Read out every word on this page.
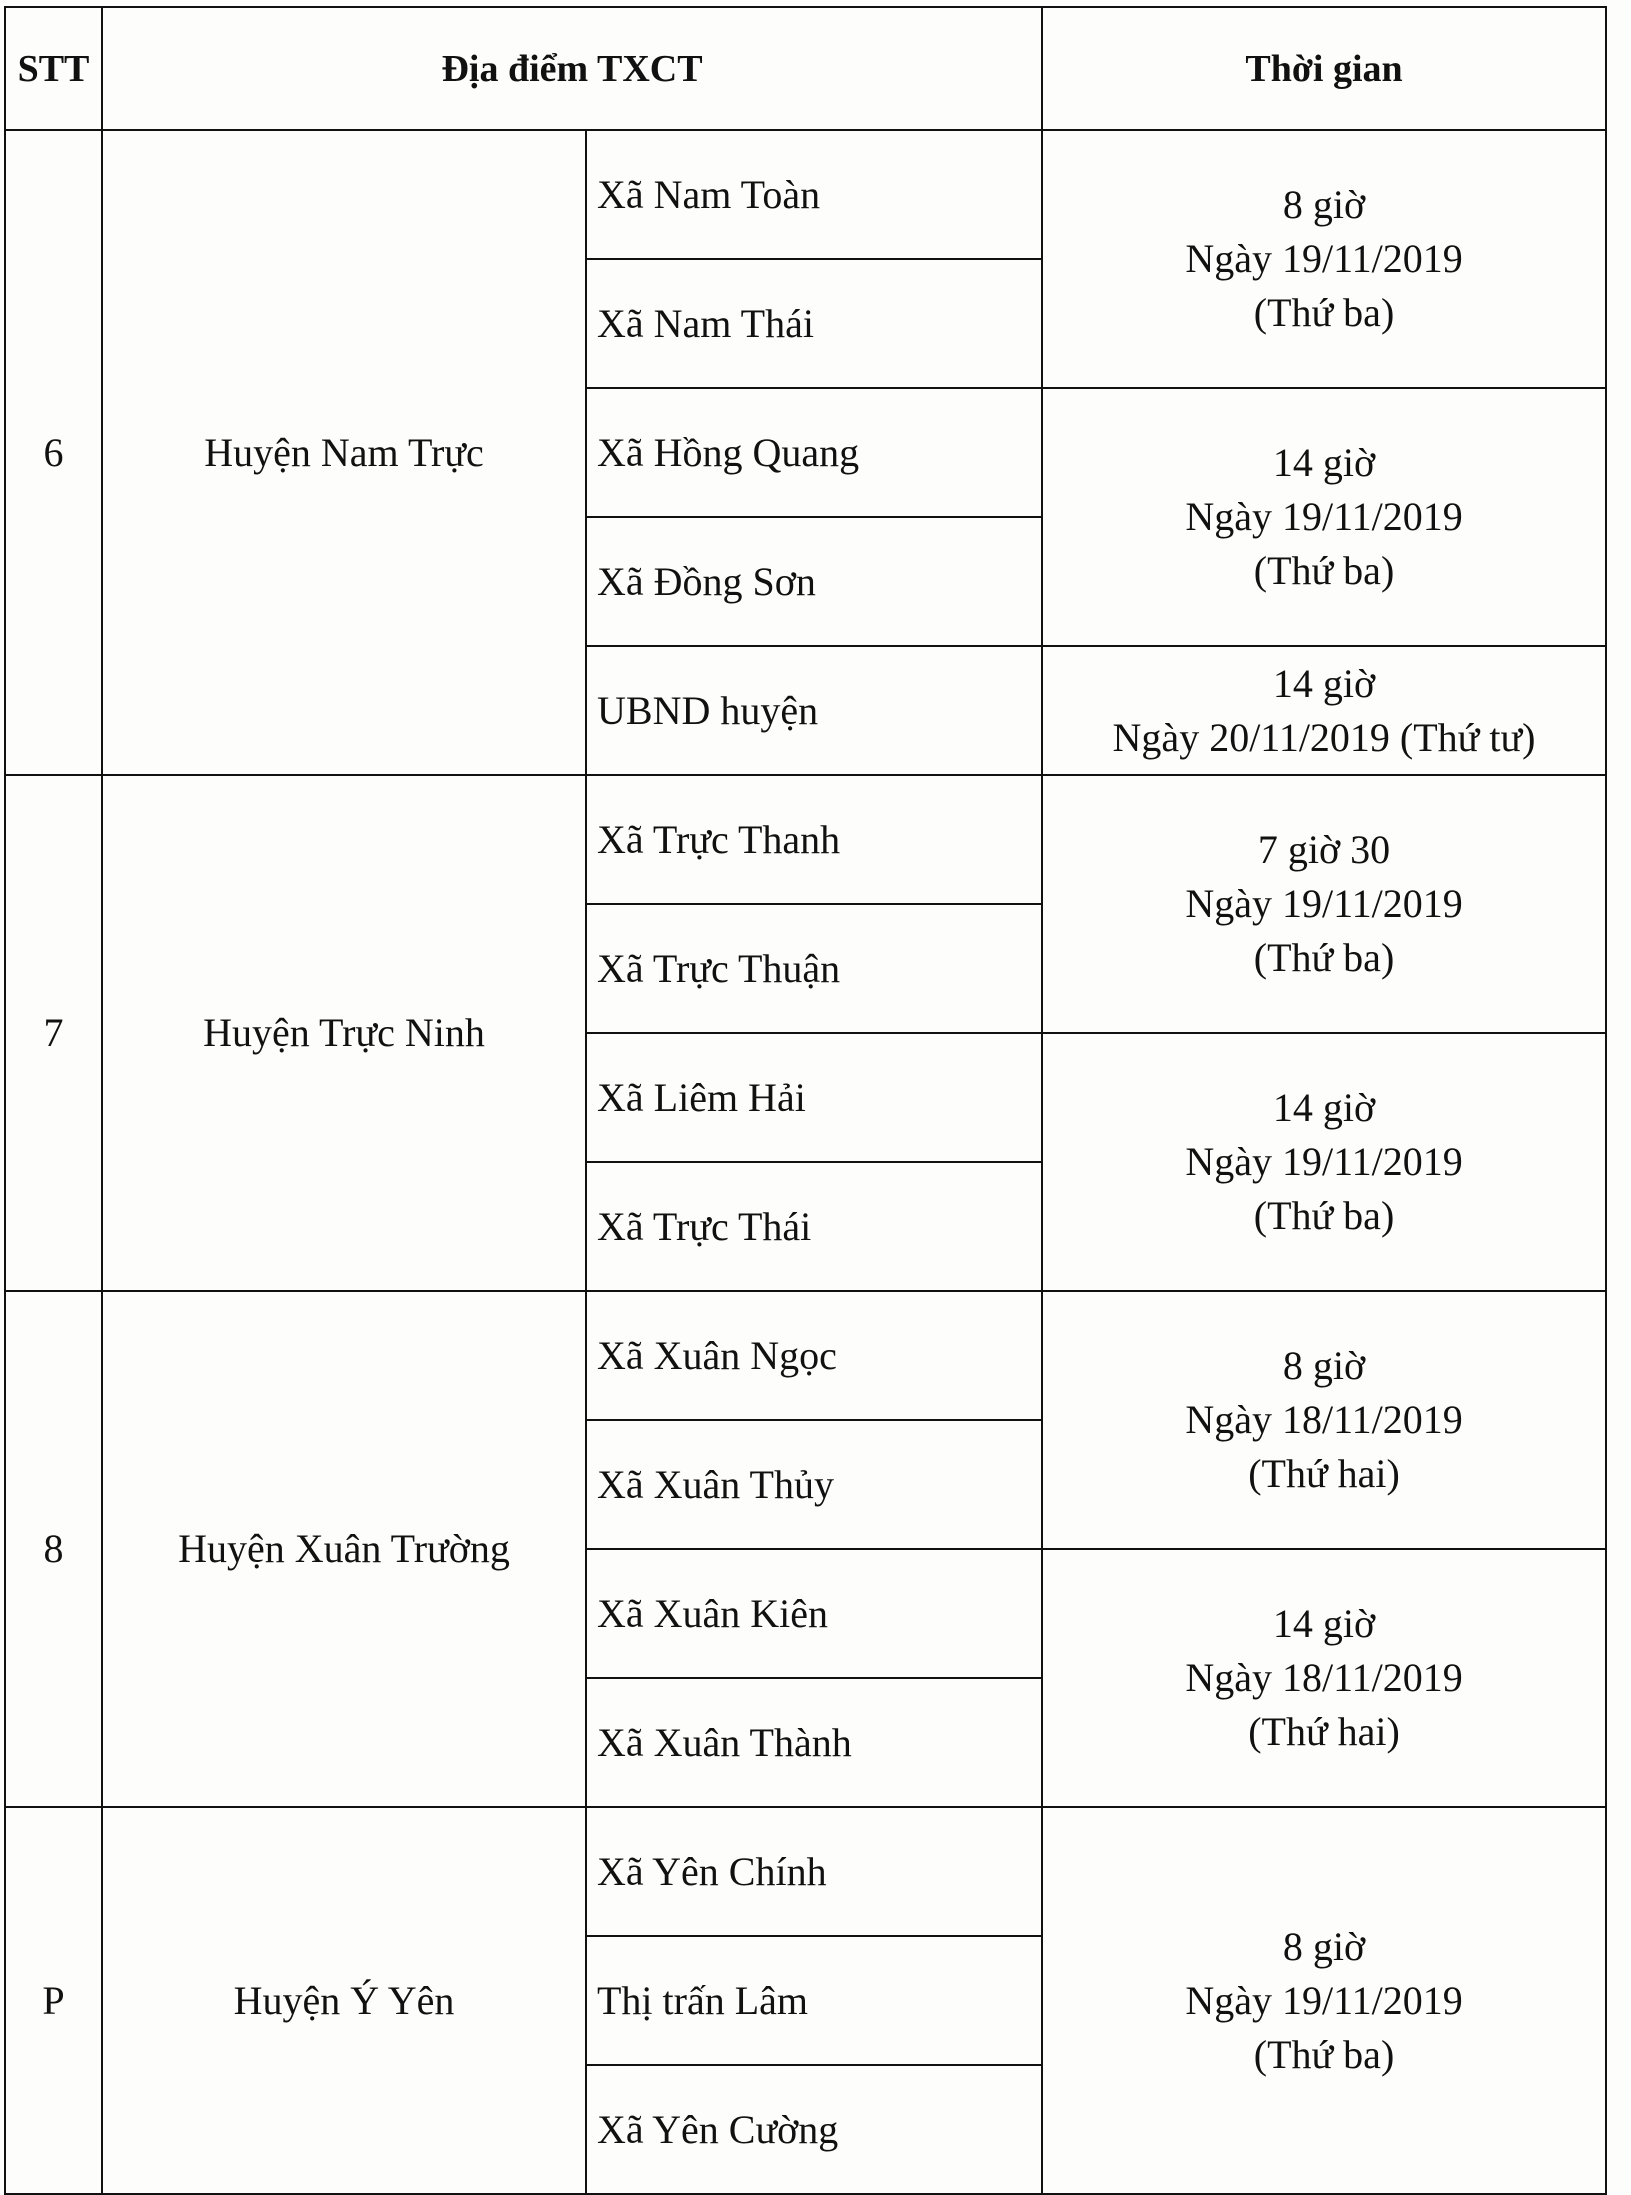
STT	Địa điểm TXCT		Thời gian
6	Huyện Nam Trực	Xã Nam Toàn	8 giờ
Ngày 19/11/2019
(Thứ ba)

		Xã Nam Thái	
		Xã Hồng Quang	14 giờ
Ngày 19/11/2019
(Thứ ba)

		Xã Đồng Sơn	
		UBND huyện	14 giờ
Ngày 20/11/2019 (Thứ tư)

7	Huyện Trực Ninh	Xã Trực Thanh	7 giờ 30
Ngày 19/11/2019
(Thứ ba)

		Xã Trực Thuận	
		Xã Liêm Hải	14 giờ
Ngày 19/11/2019
(Thứ ba)

		Xã Trực Thái	
8	Huyện Xuân Trường	Xã Xuân Ngọc	8 giờ
Ngày 18/11/2019
(Thứ hai)

		Xã Xuân Thủy	
		Xã Xuân Kiên	14 giờ
Ngày 18/11/2019
(Thứ hai)

		Xã Xuân Thành	
P	Huyện Ý Yên	Xã Yên Chính	8 giờ
Ngày 19/11/2019
(Thứ ba)

		Thị trấn Lâm	
		Xã Yên Cường	
